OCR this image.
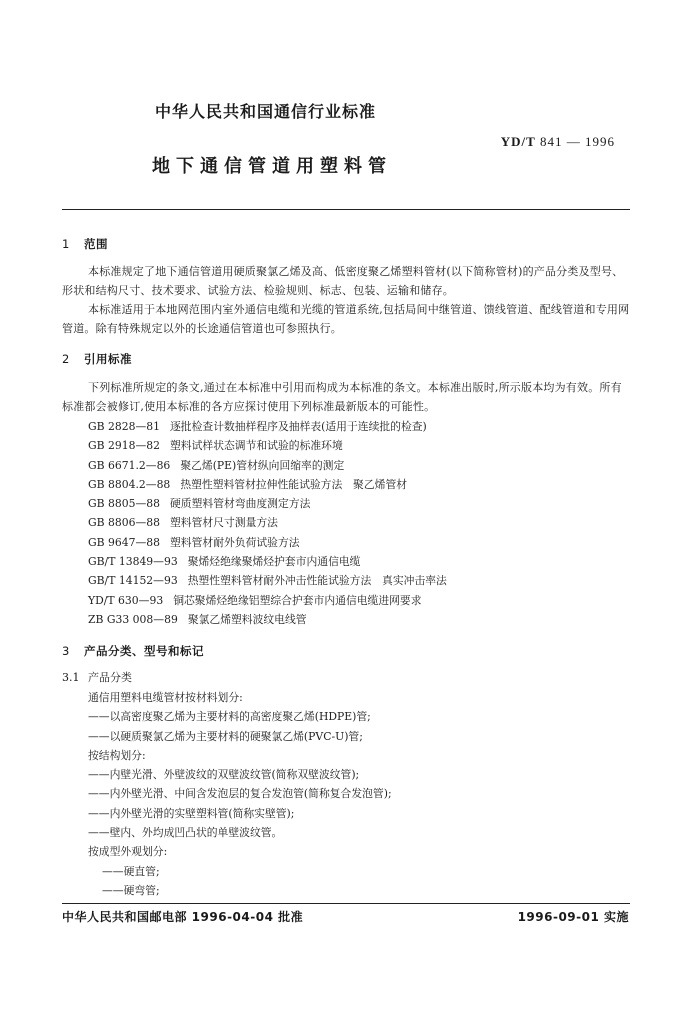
中华人民共和国通信行业标准
YD/T 841 — 1996
地下通信管道用塑料管
1 范围
本标准规定了地下通信管道用硬质聚氯乙烯及高、低密度聚乙烯塑料管材(以下简称管材)的产品分类及型号、形状和结构尺寸、技术要求、试验方法、检验规则、标志、包装、运输和储存。
本标准适用于本地网范围内室外通信电缆和光缆的管道系统,包括局间中继管道、馈线管道、配线管道和专用网管道。除有特殊规定以外的长途通信管道也可参照执行。
2 引用标准
下列标准所规定的条文,通过在本标准中引用而构成为本标准的条文。本标准出版时,所示版本均为有效。所有标准都会被修订,使用本标准的各方应探讨使用下列标准最新版本的可能性。
GB 2828—81 逐批检查计数抽样程序及抽样表(适用于连续批的检查)
GB 2918—82 塑料试样状态调节和试验的标准环境
GB 6671.2—86 聚乙烯(PE)管材纵向回缩率的测定
GB 8804.2—88 热塑性塑料管材拉伸性能试验方法　聚乙烯管材
GB 8805—88 硬质塑料管材弯曲度测定方法
GB 8806—88 塑料管材尺寸测量方法
GB 9647—88 塑料管材耐外负荷试验方法
GB/T 13849—93 聚烯烃绝缘聚烯烃护套市内通信电缆
GB/T 14152—93 热塑性塑料管材耐外冲击性能试验方法　真实冲击率法
YD/T 630—93 铜芯聚烯烃绝缘铝塑综合护套市内通信电缆进网要求
ZB G33 008—89 聚氯乙烯塑料波纹电线管
3 产品分类、型号和标记
3.1 产品分类
通信用塑料电缆管材按材料划分:
——以高密度聚乙烯为主要材料的高密度聚乙烯(HDPE)管;
——以硬质聚氯乙烯为主要材料的硬聚氯乙烯(PVC-U)管;
按结构划分:
——内壁光滑、外壁波纹的双壁波纹管(简称双壁波纹管);
——内外壁光滑、中间含发泡层的复合发泡管(简称复合发泡管);
——内外壁光滑的实壁塑料管(简称实壁管);
——壁内、外均成凹凸状的单壁波纹管。
按成型外观划分:
——硬直管;
——硬弯管;
中华人民共和国邮电部 1996-04-04 批准	1996-09-01 实施
